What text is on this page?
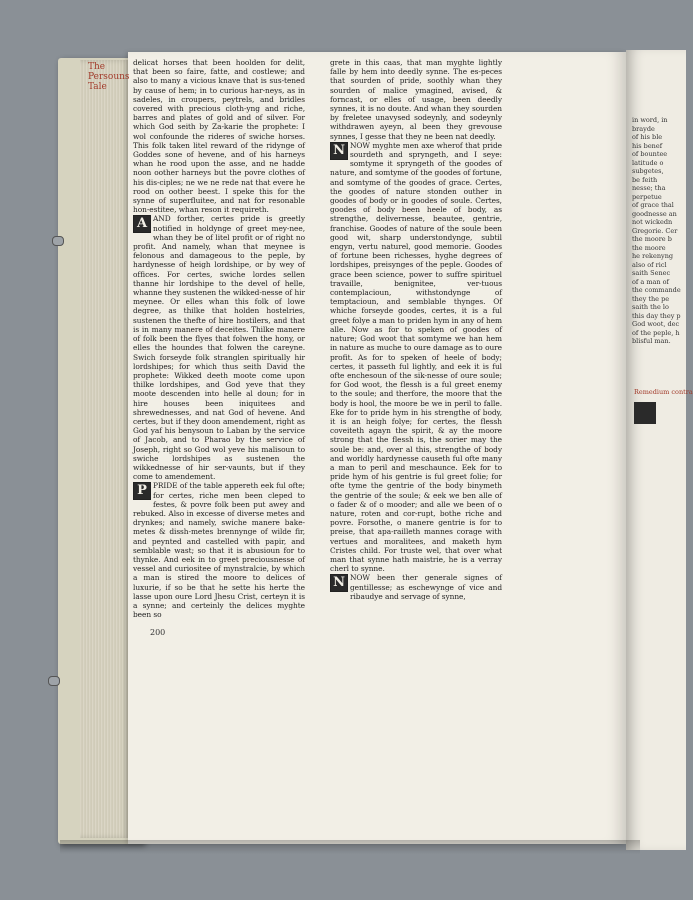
The Persouns Tale

delicat horses that been hoolden for delit, that been so faire, fatte, and costlewe; and also to many a vicious knave that is sus-tened by cause of hem; in to curious har-neys, as in sadeles, in croupers, peytrels, and bridles covered with precious cloth-yng and riche, barres and plates of gold and of silver. For which God seith by Za-karie the prophete: I wol confounde the rideres of swiche horses. This folk taken litel reward of the ridynge of Goddes sone of hevene, and of his harneys whan he rood upon the asse, and ne hadde noon oother harneys but the povre clothes of his dis-ciples; ne we ne rede nat that evere he rood on oother beest. I speke this for the synne of superfluitee, and nat for resonable hon-estitee, whan reson it requireth.

A AND forther, certes pride is greetly notified in holdynge of greet mey-nee, whan they be of litel profit or of right no profit. And namely, whan that meynee is felonous and damageous to the peple, by hardynesse of heigh lordshipe, or by wey of offices. For certes, swiche lordes sellen thanne hir lordshipe to the devel of helle, whanne they sustenen the wikked-nesse of hir meynee. Or elles whan this folk of lowe degree, as thilke that holden hostelries, sustenen the thefte of hire hostilers, and that is in many manere of deceites. Thilke manere of folk been the flyes that folwen the hony, or elles the houndes that folwen the careyne. Swich forseyde folk stranglen spiritually hir lordshipes; for which thus seith David the prophete: Wikked deeth moote come upon thilke lordshipes, and God yeve that they moote descenden into helle al doun; for in hire houses been iniquitees and shrewednesses, and nat God of hevene. And certes, but if they doon amendement, right as God yaf his benysoun to Laban by the service of Jacob, and to Pharao by the service of Joseph, right so God wol yeve his malisoun to swiche lordshipes as sustenen the wikkednesse of hir ser-vaunts, but if they come to amendement.

P PRIDE of the table appereth eek ful ofte; for certes, riche men been cleped to festes, & povre folk been put awey and rebuked. Also in excesse of diverse metes and drynkes; and namely, swiche manere bake-metes & dissh-metes brennynge of wilde fir, and peynted and castelled with papir, and semblable wast; so that it is abusioun for to thynke. And eek in to greet preciousnesse of vessel and curiositee of mynstralcie, by which a man is stired the moore to delices of luxurie, if so be that he sette his herte the lasse upon oure Lord Jhesu Crist, certeyn it is a synne; and certeinly the delices myghte been so

grete in this caas, that man myghte lightly falle by hem into deedly synne. The es-peces that sourden of pride, soothly whan they sourden of malice ymagined, avised, & forncast, or elles of usage, been deedly synnes, it is no doute. And whan they sourden by freletee unavysed sodeynly, and sodeynly withdrawen ayeyn, al been they grevouse synnes, I gesse that they ne been nat deedly.

N NOW myghte men axe wherof that pride sourdeth and spryngeth, and I seye: somtyme it spryngeth of the goodes of nature, and somtyme of the goodes of fortune, and somtyme of the goodes of grace. Certes, the goodes of nature stonden outher in goodes of body or in goodes of soule. Certes, goodes of body been heele of body, as strengthe, delivernesse, beautee, gentrie, franchise. Goodes of nature of the soule been good wit, sharp understondynge, subtil engyn, vertu naturel, good memorie. Goodes of fortune been richesses, hyghe degrees of lordshipes, preisynges of the peple. Goodes of grace been science, power to suffre spirituel travaille, benignitee, ver-tuous contemplacioun, withstondynge of temptacioun, and semblable thynges. Of whiche forseyde goodes, certes, it is a ful greet folye a man to priden hym in any of hem alle. Now as for to speken of goodes of nature; God woot that somtyme we han hem in nature as muche to oure damage as to oure profit. As for to speken of heele of body; certes, it passeth ful lightly, and eek it is ful ofte enchesoun of the sik-nesse of oure soule; for God woot, the flessh is a ful greet enemy to the soule; and therfore, the moore that the body is hool, the moore be we in peril to falle. Eke for to pride hym in his strengthe of body, it is an heigh folye; for certes, the flessh coveiteth agayn the spirit, & ay the moore strong that the flessh is, the sorier may the soule be: and, over al this, strengthe of body and worldly hardynesse causeth ful ofte many a man to peril and meschaunce. Eek for to pride hym of his gentrie is ful greet folie; for ofte tyme the gentrie of the body binymeth the gentrie of the soule; & eek we ben alle of o fader & of o mooder; and alle we been of o nature, roten and cor-rupt, bothe riche and povre. Forsothe, o manere gentrie is for to preise, that apa-railleth mannes corage with vertues and moralitees, and maketh hym Cristes child. For truste wel, that over what man that synne hath maistrie, he is a verray cherl to synne.

N NOW been ther generale signes of gentillesse; as eschewynge of vice and ribaudye and servage of synne,

200
in word, in
brayde
of his ble
his benef
of bountee
latitude o
subgetes,
be feith
nesse; tha
perpetue
of grace thal
goodnesse an
not wickedn
Gregorie. Cer
the moore b
the moore
he rekenyng
also of ricl
saith Senec
of a man of
the commande
they the pe
saith the lo
this day they p
God woot, dec
of the peple, h
blisful man.
Remedium contra
